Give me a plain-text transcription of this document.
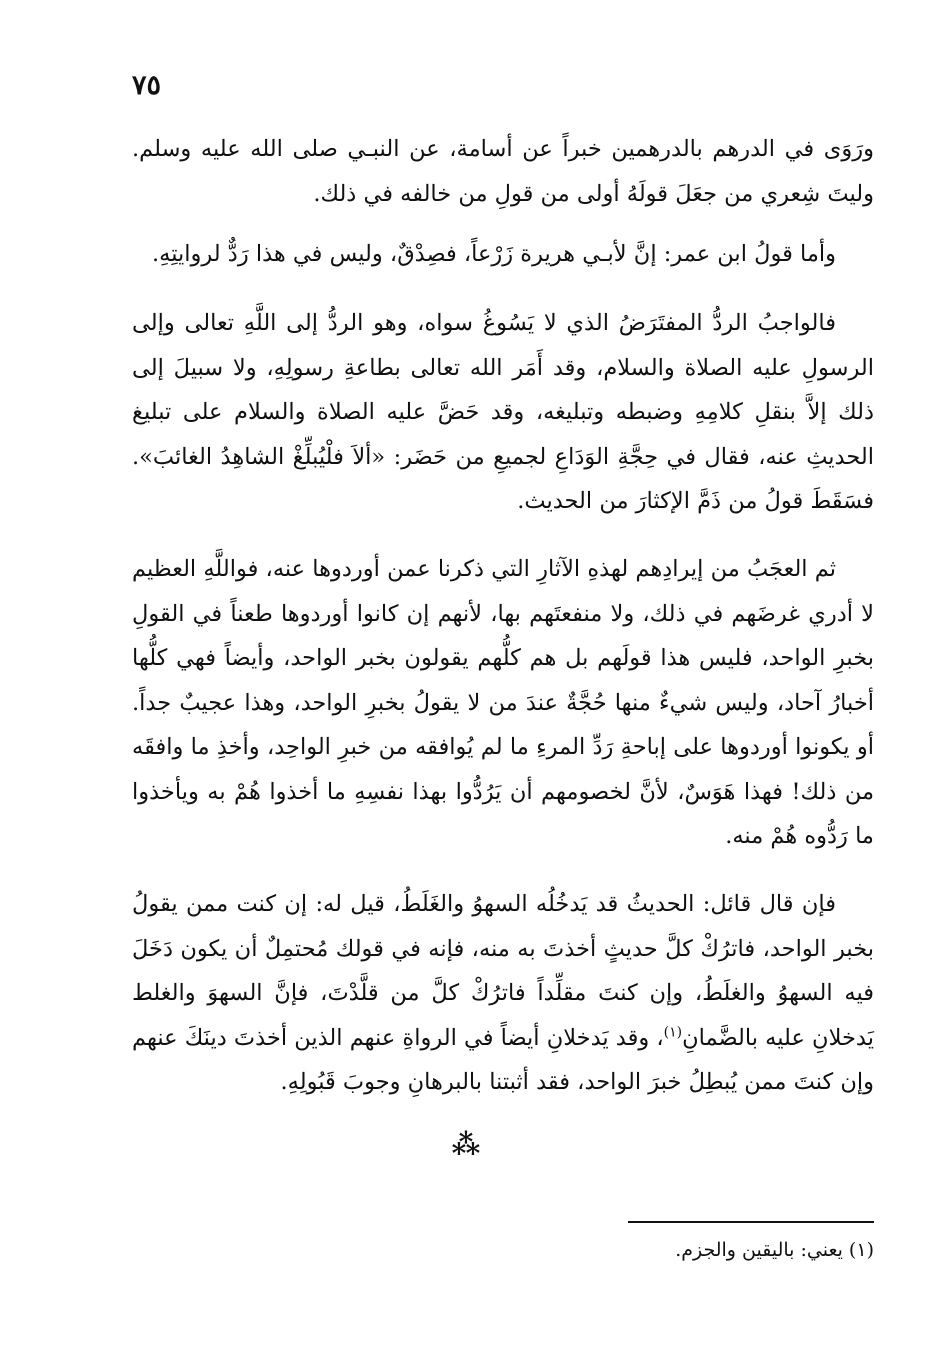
٧٥

ورَوَى في الدرهم بالدرهمين خبراً عن أسامة، عن النبـي صلى الله عليه وسلم. وليتَ شِعري من جعَلَ قولَهُ أولى من قولِ من خالفه في ذلك.

وأما قولُ ابن عمر: إنَّ لأبـي هريرة زَرْعاً، فصِدْقٌ، وليس في هذا رَدٌّ لروايتِهِ.

فالواجبُ الردُّ المفتَرَضُ الذي لا يَسُوغُ سواه، وهو الردُّ إلى اللَّهِ تعالى وإلى الرسولِ عليه الصلاة والسلام، وقد أَمَر الله تعالى بطاعةِ رسولِهِ، ولا سبيلَ إلى ذلك إلاَّ بنقلِ كلامِهِ وضبطه وتبليغه، وقد حَضَّ عليه الصلاة والسلام على تبليغ الحديثِ عنه، فقال في حِجَّةِ الوَدَاعِ لجميعِ من حَضَر: «ألاَ فلْيُبلِّغْ الشاهِدُ الغائبَ». فسَقَطَ قولُ من ذَمَّ الإكثارَ من الحديث.

ثم العجَبُ من إيرادِهم لهذهِ الآثارِ التي ذكرنا عمن أوردوها عنه، فواللَّهِ العظيم لا أدري غرضَهم في ذلك، ولا منفعتَهم بها، لأنهم إن كانوا أوردوها طعناً في القولِ بخبرِ الواحد، فليس هذا قولَهم بل هم كلُّهم يقولون بخبر الواحد، وأيضاً فهي كلُّها أخبارُ آحاد، وليس شيءٌ منها حُجَّةٌ عندَ من لا يقولُ بخبرِ الواحد، وهذا عجيبٌ جداً. أو يكونوا أوردوها على إباحةِ رَدِّ المرءِ ما لم يُوافقه من خبرِ الواحِد، وأخذِ ما وافقَه من ذلك! فهذا هَوَسٌ، لأنَّ لخصومهم أن يَرُدُّوا بهذا نفسِهِ ما أخذوا هُمْ به ويأخذوا ما رَدُّوه هُمْ منه.

فإن قال قائل: الحديثُ قد يَدخُلُه السهوُ والغَلَطُ، قيل له: إن كنت ممن يقولُ بخبر الواحد، فاترُكْ كلَّ حديثٍ أخذتَ به منه، فإنه في قولك مُحتمِلٌ أن يكون دَخَلَ فيه السهوُ والغلَطُ، وإن كنتَ مقلِّداً فاترُكْ كلَّ من قلَّدْتَ، فإنَّ السهوَ والغلط يَدخلانِ عليه بالضَّمانِ$^{(١)}$، وقد يَدخلانِ أيضاً في الرواةِ عنهم الذين أخذتَ دينَكَ عنهم وإن كنتَ ممن يُبطِلُ خبرَ الواحد، فقد أثبتنا بالبرهانِ وجوبَ قَبُولِهِ.

⁂
(١) يعني: باليقين والجزم.
